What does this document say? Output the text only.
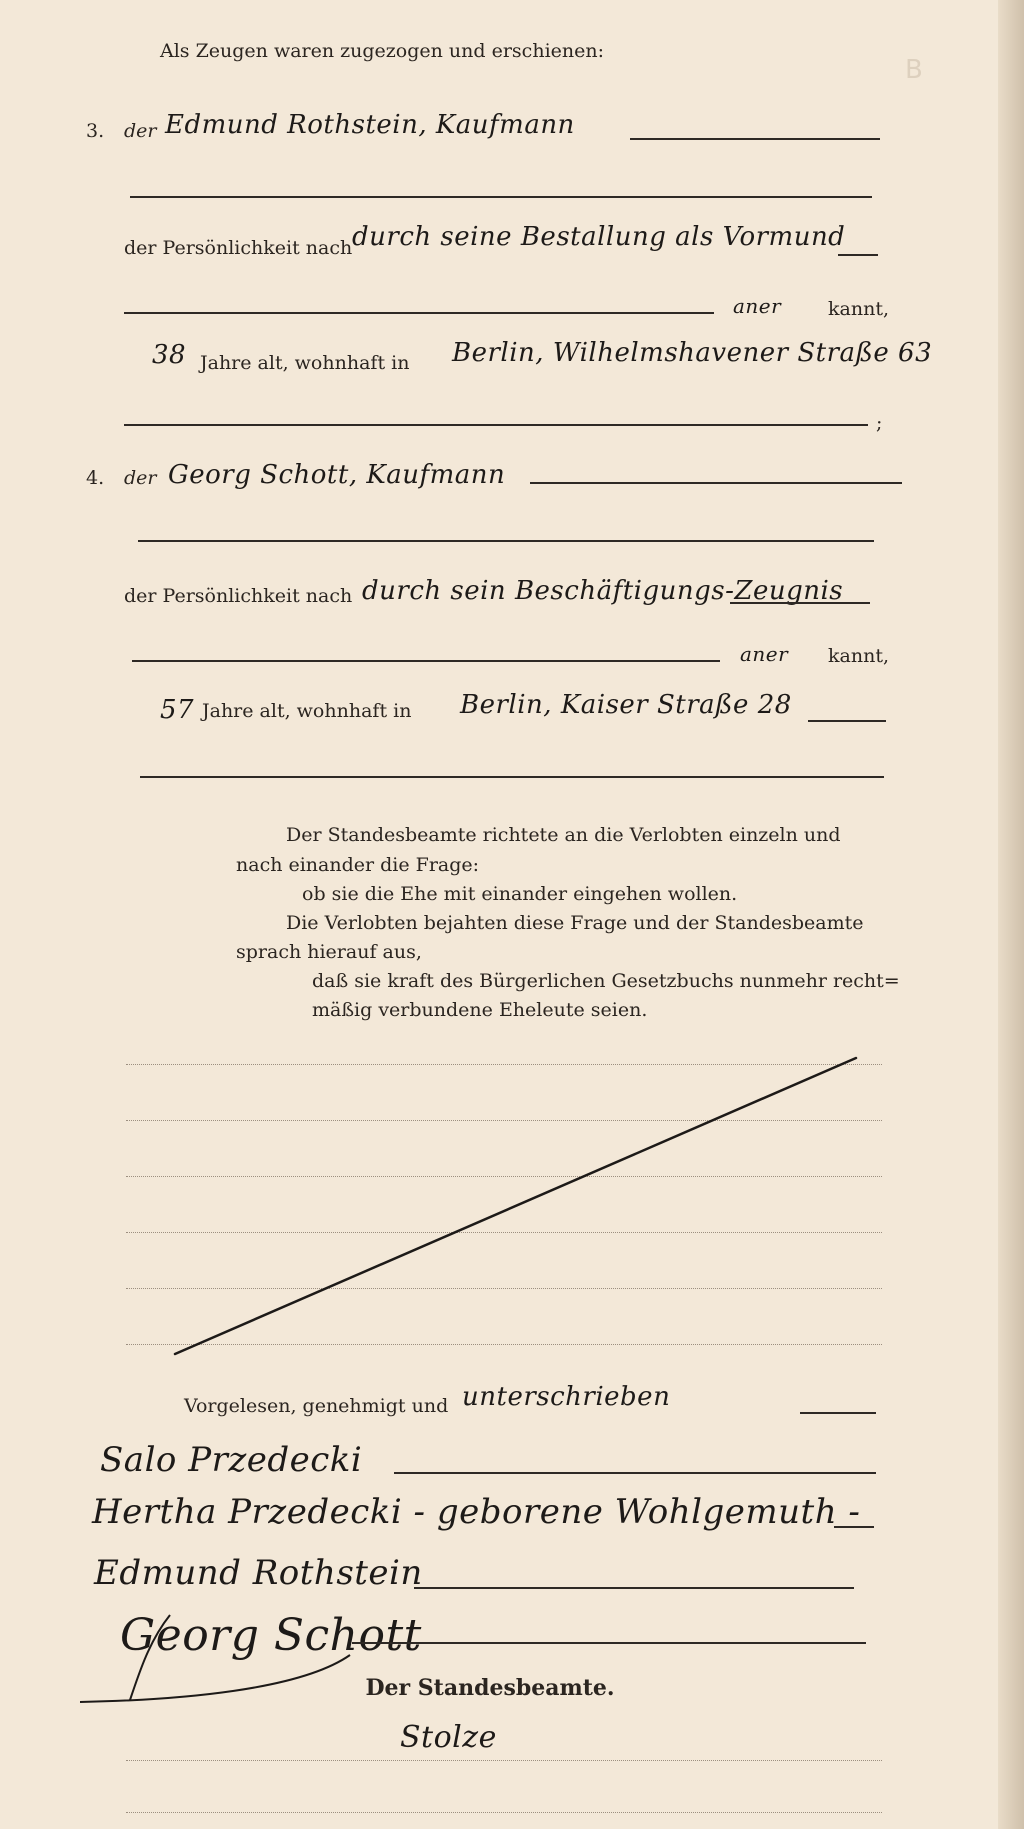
B
Als Zeugen waren zugezogen und erschienen:
3. der Edmund Rothstein, Kaufmann
der Persönlichkeit nach durch seine Bestallung als Vormund
aner kannt,
38 Jahre alt, wohnhaft in Berlin, Wilhelmshavener Straße 63
;
4. der Georg Schott, Kaufmann
der Persönlichkeit nach durch sein Beschäftigungs-Zeugnis
aner kannt,
57 Jahre alt, wohnhaft in Berlin, Kaiser Straße 28
Der Standesbeamte richtete an die Verlobten einzeln und
nach einander die Frage:
ob sie die Ehe mit einander eingehen wollen.
Die Verlobten bejahten diese Frage und der Standesbeamte
sprach hierauf aus,
daß sie kraft des Bürgerlichen Gesetzbuchs nunmehr recht=
mäßig verbundene Eheleute seien.
Vorgelesen, genehmigt und unterschrieben
Salo Przedecki
Hertha Przedecki - geborene Wohlgemuth -
Edmund Rothstein
Georg Schott
Der Standesbeamte.
Stolze
